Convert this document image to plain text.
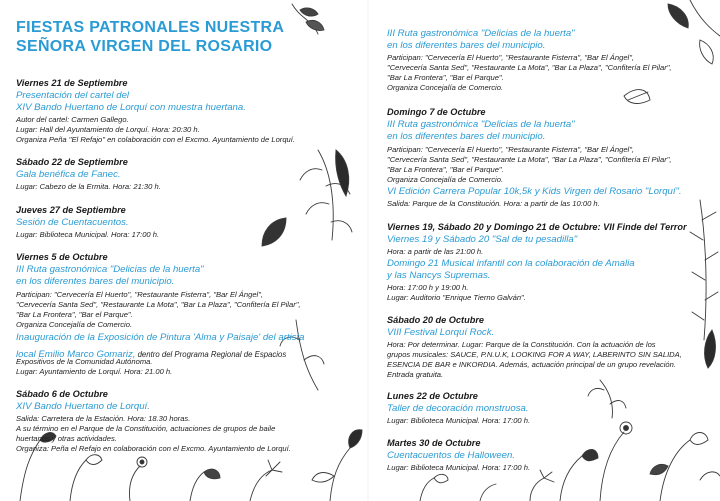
FIESTAS PATRONALES NUESTRA
SEÑORA VIRGEN DEL ROSARIO
Viernes 21 de Septiembre
Presentación del cartel del
XIV Bando Huertano de Lorquí con muestra huertana.
Autor del cartel: Carmen Gallego.
Lugar: Hall del Ayuntamiento de Lorquí. Hora: 20:30 h.
Organiza Peña "El Refajo" en colaboración con el Excmo. Ayuntamiento de Lorquí.
Sábado 22 de Septiembre
Gala benéfica de Fanec.
Lugar: Cabezo de la Ermita. Hora: 21:30 h.
Jueves 27 de Septiembre
Sesión de Cuentacuentos.
Lugar: Biblioteca Municipal. Hora: 17:00 h.
Viernes 5 de Octubre
III Ruta gastronómica "Delicias de la huerta"
en los diferentes bares del municipio.
Participan: "Cervecería El Huerto", "Restaurante Fisterra", "Bar El Ángel",
"Cervecería Santa Sed", "Restaurante La Mota", "Bar La Plaza", "Confitería El Pilar",
"Bar La Frontera", "Bar el Parque".
Organiza Concejalía de Comercio.
Inauguración de la Exposición de Pintura 'Alma y Paisaje' del artista
local Emilio Marco Gomariz, dentro del Programa Regional de Espacios
Expositivos de la Comunidad Autónoma.
Lugar: Ayuntamiento de Lorquí. Hora: 21.00 h.
Sábado 6 de Octubre
XIV Bando Huertano de Lorquí.
Salida: Carretera de la Estación. Hora: 18.30 horas.
A su término en el Parque de la Constitución, actuaciones de grupos de baile
huertanos y otras actividades.
Organiza: Peña el Refajo en colaboración con el Excmo. Ayuntamiento de Lorquí.
III Ruta gastronómica "Delicias de la huerta"
en los diferentes bares del municipio.
Participan: "Cervecería El Huerto", "Restaurante Fisterra", "Bar El Ángel",
"Cervecería Santa Sed", "Restaurante La Mota", "Bar La Plaza", "Confitería El Pilar",
"Bar La Frontera", "Bar el Parque".
Organiza Concejalía de Comercio.
Domingo 7 de Octubre
III Ruta gastronómica "Delicias de la huerta"
en los diferentes bares del municipio.
Participan: "Cervecería El Huerto", "Restaurante Fisterra", "Bar El Ángel",
"Cervecería Santa Sed", "Restaurante La Mota", "Bar La Plaza", "Confitería El Pilar",
"Bar La Frontera", "Bar el Parque".
Organiza Concejalía de Comercio.
VI Edición Carrera Popular 10k,5k y Kids Virgen del Rosario "Lorquí".
Salida: Parque de la Constitución. Hora: a partir de las 10:00 h.
Viernes 19, Sábado 20 y Domingo 21 de Octubre: VII Finde del Terror
Viernes 19 y Sábado 20 "Sal de tu pesadilla"
Hora: a partir de las 21:00 h.
Domingo 21 Musical infantil con la colaboración de Amalia
y las Nancys Supremas.
Hora: 17:00 h y 19:00 h.
Lugar: Auditorio "Enrique Tierno Galván".
Sábado 20 de Octubre
VIII Festival Lorquí Rock.
Hora: Por determinar. Lugar: Parque de la Constitución. Con la actuación de los
grupos musicales: SAUCE, P.N.U.K, LOOKING FOR A WAY, LABERINTO SIN SALIDA,
ESENCIA DE BAR e INKORDIA. Además, actuación principal de un grupo revelación.
Entrada gratuita.
Lunes 22 de Octubre
Taller de decoración monstruosa.
Lugar: Biblioteca Municipal. Hora: 17:00 h.
Martes 30 de Octubre
Cuentacuentos de Halloween.
Lugar: Biblioteca Municipal. Hora: 17:00 h.
